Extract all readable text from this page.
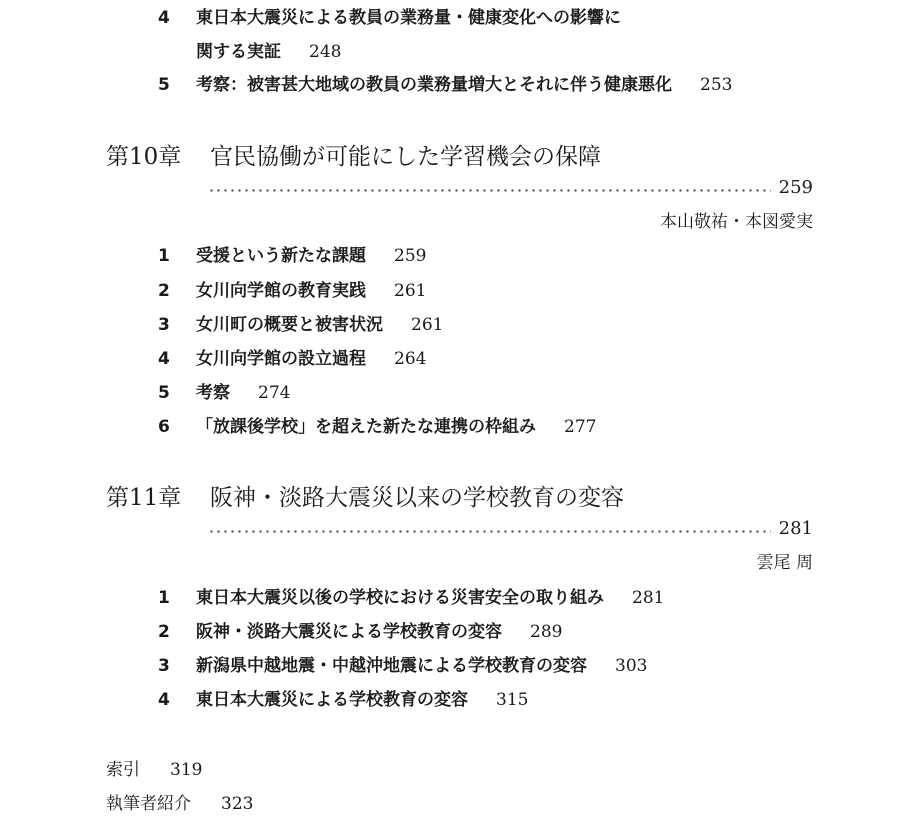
4 東日本大震災による教員の業務量・健康変化への影響に
関する実証 248
5 考察：被害甚大地域の教員の業務量増大とそれに伴う健康悪化 253
第10章 官民協働が可能にした学習機会の保障
259
本山敬祐・本図愛実
1 受援という新たな課題 259
2 女川向学館の教育実践 261
3 女川町の概要と被害状況 261
4 女川向学館の設立過程 264
5 考察 274
6 「放課後学校」を超えた新たな連携の枠組み 277
第11章 阪神・淡路大震災以来の学校教育の変容
281
雲尾 周
1 東日本大震災以後の学校における災害安全の取り組み 281
2 阪神・淡路大震災による学校教育の変容 289
3 新潟県中越地震・中越沖地震による学校教育の変容 303
4 東日本大震災による学校教育の変容 315
索引 319
執筆者紹介 323
